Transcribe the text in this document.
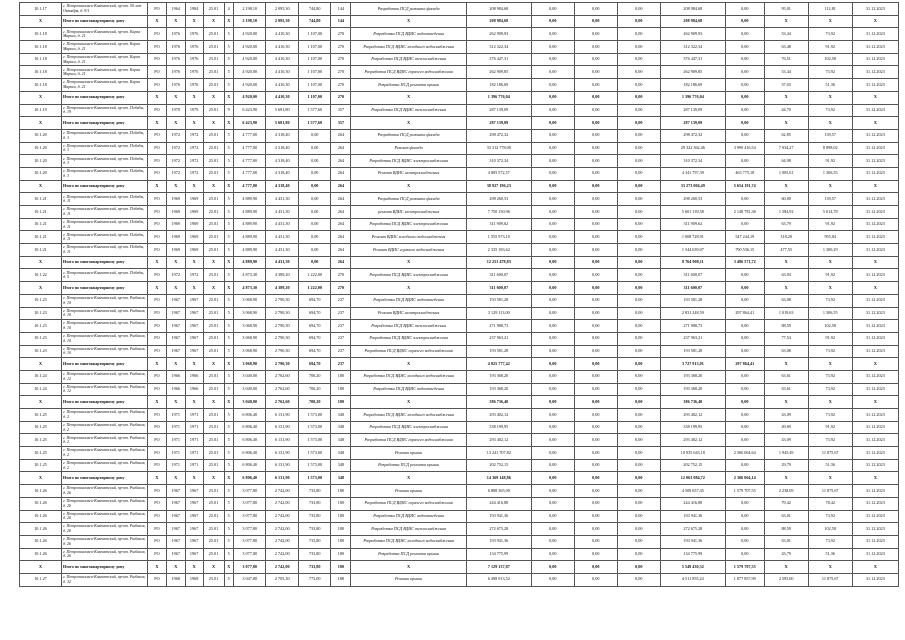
10.1.17	г. Петропавловск-Камчатский, пр-кт. 50 лет Октября, д. 9/1	РО	1964	1984	25.01	4	2 198,10	2 095,30	744,80	144	Разработка ПСД ремонта фасада	208 984,68	0,00	0,00	0,00	208 984,68	0,00	95,01	112,81	31.12.2023
X	Итого по многоквартирному дому	X	X	X	X	X	2 198,10	2 095,30	744,80	144	X	208 984,68	0,00	0,00	0,00	208 984,68	0,00	X	X	X
10.1.18	г. Петропавловск-Камчатский, пр-кт. Карла Маркса, д. 21	РО	1976	1976	25.01	5	4 920,00	4 410,30	1 107,00	270	Разработка ПСД ВДИС водоотведения	262 909,93	0,00	0,00	0,00	262 909,93	0,00	53,44	73,92	31.12.2023
10.1.18	г. Петропавловск-Камчатский, пр-кт. Карла Маркса, д. 21	РО	1976	1976	25.01	5	4 920,00	4 410,30	1 107,00	270	Разработка ПСД ВДИС холодного водоснабжения	312 322,34	0,00	0,00	0,00	312 322,34	0,00	63,48	91,92	31.12.2023
10.1.18	г. Петропавловск-Камчатский, пр-кт. Карла Маркса, д. 21	РО	1976	1976	25.01	5	4 920,00	4 410,30	1 107,00	270	Разработка ПСД ВДИС теплоснабжения	376 447,31	0,00	0,00	0,00	376 447,31	0,00	76,51	102,58	31.12.2023
10.1.18	г. Петропавловск-Камчатский, пр-кт. Карла Маркса, д. 21	РО	1976	1976	25.01	5	4 920,00	4 410,30	1 107,00	270	Разработка ПСД ВДИС горячего водоснабжения	262 909,85	0,00	0,00	0,00	262 909,85	0,00	53,44	73,92	31.12.2023
10.1.18	г. Петропавловск-Камчатский, пр-кт. Карла Маркса, д. 21	РО	1976	1976	25.01	5	4 920,00	4 410,30	1 107,00	270	Разработка ПСД ремонта крыши	182 186,69	0,00	0,00	0,00	182 186,69	0,00	37,03	51,36	31.12.2023
X	Итого по многоквартирному дому	X	X	X	X	X	4 920,00	4 410,30	1 107,00	270	X	1 396 776,04	0,00	0,00	0,00	1 396 776,04	0,00	X	X	X
10.1.19	г. Петропавловск-Камчатский, пр-кт. Победы, д. 19	РО	1979	1979	25.01	9	6 423,90	5 681,80	1 577,60	357	Разработка ПСД ВДИС теплоснабжения	287 139,09	0,00	0,00	0,00	287 139,09	0,00	44,70	73,92	31.12.2023
X	Итого по многоквартирному дому	X	X	X	X	X	6 423,90	5 681,80	1 577,60	357	X	287 139,09	0,00	0,00	0,00	287 139,09	0,00	X	X	X
10.1.20	г. Петропавловск-Камчатский, пр-кт. Победы, д. 3	РО	1972	1972	25.01	5	4 777,00	4 318,40	0,00	264	Разработка ПСД ремонта фасада	298 472,32	0,00	0,00	0,00	298 472,32	0,00	62,85	139,57	31.12.2023
10.1.20	г. Петропавловск-Камчатский, пр-кт. Победы, д. 3	РО	1972	1972	25.01	5	4 777,00	4 318,40	0,00	264	Ремонт фасада	33 312 778,00	0,00	0,00	0,00	29 322 362,46	3 990 416,54	7 034,27	8 898,02	31.12.2023
10.1.20	г. Петропавловск-Камчатский, пр-кт. Победы, д. 3	РО	1972	1972	25.01	5	4 777,00	4 318,40	0,00	264	Разработка ПСД ВДИС электроснабжения	310 372,34	0,00	0,00	0,00	310 372,34	0,00	64,98	91,92	31.12.2023
10.1.20	г. Петропавловск-Камчатский, пр-кт. Победы, д. 3	РО	1972	1972	25.01	5	4 777,00	4 318,40	0,00	264	Ремонт ВДИС электроснабжения	4 805 572,57	0,00	0,00	0,00	4 341 797,39	463 775,18	1 005,61	1 306,55	31.12.2023
X	Итого по многоквартирному дому	X	X	X	X	X	4 777,00	4 318,40	0,00	264	X	38 927 196,23	0,00	0,00	0,00	33 273 004,49	5 654 191,74	X	X	X
10.1.21	г. Петропавловск-Камчатский, пр-кт. Победы, д. 11	РО	1969	1969	25.01	5	4 889,90	4 431,30	0,00	264	Разработка ПСД ремонта фасада	298 260,53	0,00	0,00	0,00	298 260,53	0,00	60,00	139,57	31.12.2023
10.1.21	г. Петропавловск-Камчатский, пр-кт. Победы, д. 11	РО	1969	1969	25.01	5	4 889,90	4 431,30	0,00	264	ремонт ВДИС электроснабжения	7 750 150,96	0,00	0,00	0,00	5 601 139,58	2 148 781,38	1 584,92	5 014,78	31.12.2023
10.1.21	г. Петропавловск-Камчатский, пр-кт. Победы, д. 11	РО	1969	1969	25.01	5	4 889,90	4 431,30	0,00	264	Разработка ПСД ВДИС электроснабжения	311 909,62	0,00	0,00	0,00	311 909,62	0,00	63,79	91,92	31.12.2023
10.1.21	г. Петропавловск-Камчатский, пр-кт. Победы, д. 11	РО	1969	1969	25.01	5	4 889,90	4 431,30	0,00	264	Ремонт ВДИС холодного водоснабжения	1 555 973,10	0,00	0,00	0,00	1 008 728,91	547 244,19	318,20	955,84	31.12.2023
10.1.21	г. Петропавловск-Камчатский, пр-кт. Победы, д. 11	РО	1969	1969	25.01	5	4 889,90	4 431,30	0,00	264	Ремонт ВДИС горячего водоснабжения	2 335 183,62	0,00	0,00	0,00	1 544 639,07	790 536,15	477,55	1 300,29	31.12.2023
X	Итого по многоквартирному дому	X	X	X	X	X	4 889,90	4 431,30	0,00	264	X	12 251 478,83	0,00	0,00	0,00	8 764 908,11	3 486 571,72	X	X	X
10.1.22	г. Петропавловск-Камчатский, пр-кт. Победы, д. 5	РО	1972	1972	25.01	5	4 873,30	4 389,20	1 222,00	270	Разработка ПСД ВДИС электроснабжения	311 600,07	0,00	0,00	0,00	311 600,07	0,00	63,94	91,92	31.12.2023
X	Итого по многоквартирному дому	X	X	X	X	X	4 873,30	4 389,20	1 222,00	270	X	311 600,07	0,00	0,00	0,00	311 600,07	0,00	X	X	X
10.1.23	г. Петропавловск-Камчатский, пр-кт. Рыбаков, д. 10	РО	1967	1967	25.01	5	3 068,90	2 790,30	694,70	237	Разработка ПСД ВДИС водоотведения	193 581,28	0,00	0,00	0,00	193 581,28	0,00	63,08	73,92	31.12.2023
10.1.23	г. Петропавловск-Камчатский, пр-кт. Рыбаков, д. 10	РО	1967	1967	25.01	5	3 068,90	2 790,30	694,70	237	Ремонт ВДИС электроснабжения	3 129 113,00	0,00	0,00	0,00	2 831 248,59	297 864,41	1 019,63	1 306,55	31.12.2023
10.1.23	г. Петропавловск-Камчатский, пр-кт. Рыбаков, д. 10	РО	1967	1967	25.01	5	3 068,90	2 790,30	694,70	237	Разработка ПСД ВДИС теплоснабжения	271 988,73	0,00	0,00	0,00	271 988,73	0,00	88,59	102,58	31.12.2023
10.1.23	г. Петропавловск-Камчатский, пр-кт. Рыбаков, д. 10	РО	1967	1967	25.01	5	3 068,90	2 790,30	694,70	237	Разработка ПСД ВДИС электроснабжения	237 963,21	0,00	0,00	0,00	237 963,21	0,00	77,54	91,92	31.12.2023
10.1.23	г. Петропавловск-Камчатский, пр-кт. Рыбаков, д. 10	РО	1967	1967	25.01	5	3 068,90	2 790,30	694,70	237	Разработка ПСД ВДИС горячего водоснабжения	193 581,28	0,00	0,00	0,00	193 581,28	0,00	63,08	73,92	31.12.2023
X	Итого по многоквартирному дому	X	X	X	X	X	3 068,90	2 790,30	694,70	237	X	4 025 777,42	0,00	0,00	0,00	3 727 913,01	297 864,41	X	X	X
10.1.24	г. Петропавловск-Камчатский, пр-кт. Рыбаков, д. 12	РО	1966	1966	25.01	5	3 040,00	2 762,60	700,20	180	Разработка ПСД ВДИС холодного водоснабжения	193 368,20	0,00	0,00	0,00	193 368,20	0,00	63,61	73,92	31.12.2023
10.1.24	г. Петропавловск-Камчатский, пр-кт. Рыбаков, д. 12	РО	1966	1966	25.01	5	3 040,00	2 762,60	700,20	180	Разработка ПСД ВДИС водоотведения	193 368,20	0,00	0,00	0,00	193 368,20	0,00	63,61	73,92	31.12.2023
X	Итого по многоквартирному дому	X	X	X	X	X	3 040,00	2 762,60	700,20	180	X	386 736,40	0,00	0,00	0,00	386 736,40	0,00	X	X	X
10.1.25	г. Петропавловск-Камчатский, пр-кт. Рыбаков, д. 2	РО	1971	1971	25.01	5	6 806,40	6 131,90	1 573,00	348	Разработка ПСД ВДИС холодного водоснабжения	293 402,12	0,00	0,00	0,00	293 402,12	0,00	43,09	73,92	31.12.2023
10.1.25	г. Петропавловск-Камчатский, пр-кт. Рыбаков, д. 2	РО	1971	1971	25.01	5	6 806,40	6 131,90	1 573,00	348	Разработка ПСД ВДИС электроснабжения	338 199,95	0,00	0,00	0,00	338 199,95	0,00	49,69	91,92	31.12.2023
10.1.25	г. Петропавловск-Камчатский, пр-кт. Рыбаков, д. 2	РО	1971	1971	25.01	5	6 806,40	6 131,90	1 573,00	348	Разработка ПСД ВДИС горячего водоснабжения	293 402,12	0,00	0,00	0,00	293 402,12	0,00	43,09	73,92	31.12.2023
10.1.25	г. Петропавловск-Камчатский, пр-кт. Рыбаков, д. 2	РО	1971	1971	25.01	5	6 806,40	6 131,90	1 573,00	348	Ремонт крыши	13 241 707,82	0,00	0,00	0,00	10 935 643,18	2 306 064,64	1 945,49	11 875,67	31.12.2023
10.1.25	г. Петропавловск-Камчатский, пр-кт. Рыбаков, д. 2	РО	1971	1971	25.01	5	6 806,40	6 131,90	1 573,00	348	Разработка ПСД ремонта крыши	202 752,15	0,00	0,00	0,00	202 752,15	0,00	29,79	51,36	31.12.2023
X	Итого по многоквартирному дому	X	X	X	X	X	6 806,40	6 131,90	1 573,00	348	X	14 369 148,86	0,00	0,00	0,00	12 063 084,72	2 306 064,14	X	X	X
10.1.26	г. Петропавловск-Камчатский, пр-кт. Рыбаков, д. 26	РО	1967	1967	25.01	5	3 077,80	2 742,00	733,80	180	Ремонт крыши	6 888 365,00	0,00	0,00	0,00	4 509 657,45	1 579 707,55	2 238,09	11 875,67	31.12.2023
10.1.26	г. Петропавловск-Камчатский, пр-кт. Рыбаков, д. 26	РО	1967	1967	25.01	5	3 077,80	2 742,00	733,80	180	Разработка ПСД ВДИС горячего водоснабжения	244 416,88	0,00	0,00	0,00	244 416,88	0,00	79,42	78,42	31.12.2023
10.1.26	г. Петропавловск-Камчатский, пр-кт. Рыбаков, д. 26	РО	1967	1967	25.01	5	3 077,80	2 742,00	733,80	180	Разработка ПСД ВДИС водоотведения	193 941,36	0,00	0,00	0,00	193 941,36	0,00	63,01	73,92	31.12.2023
10.1.26	г. Петропавловск-Камчатский, пр-кт. Рыбаков, д. 26	РО	1967	1967	25.01	5	3 077,80	2 742,00	733,80	180	Разработка ПСД ВДИС теплоснабжения	272 675,28	0,00	0,00	0,00	272 675,28	0,00	88,59	102,58	31.12.2023
10.1.26	г. Петропавловск-Камчатский, пр-кт. Рыбаков, д. 26	РО	1967	1967	25.01	5	3 077,80	2 742,00	733,80	180	Разработка ПСД ВДИС холодного водоснабжения	193 941,36	0,00	0,00	0,00	193 941,36	0,00	63,01	73,92	31.12.2023
10.1.26	г. Петропавловск-Камчатский, пр-кт. Рыбаков, д. 26	РО	1967	1967	25.01	5	3 077,80	2 742,00	733,80	180	Разработка ПСД ремонта крыши	134 775,99	0,00	0,00	0,00	134 775,99	0,00	43,79	51,36	31.12.2023
X	Итого по многоквартирному дому	X	X	X	X	X	3 077,80	2 742,00	733,80	180	X	7 129 137,87	0,00	0,00	0,00	5 549 430,32	1 579 707,55	X	X	X
10.1.27	г. Петропавловск-Камчатский, пр-кт. Рыбаков, д. 32	РО	1968	1968	25.01	5	3 047,80	2 705,30	773,00	188	Ремонт крыши	6 498 913,52	0,00	0,00	0,00	4 511 855,24	1 877 857,99	2 595,00	11 875,67	31.12.2023
